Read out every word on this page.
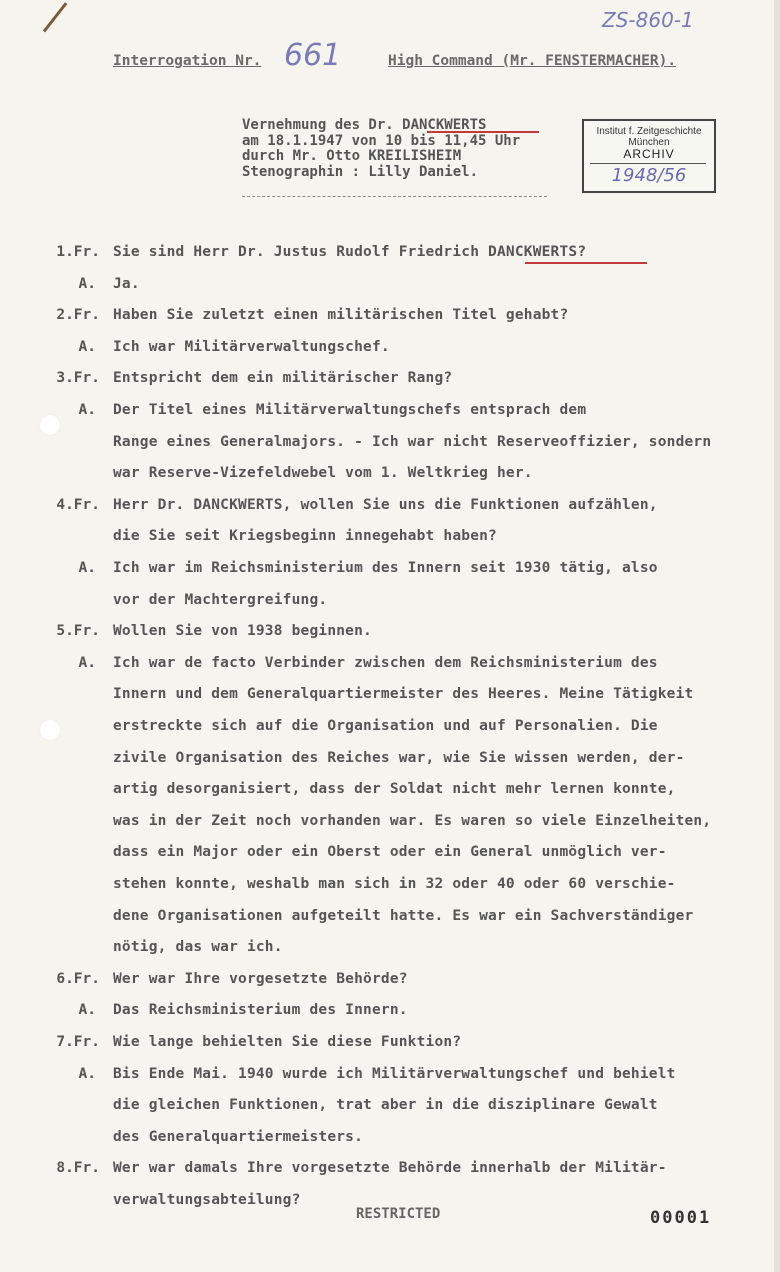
ZS-860-1
Interrogation Nr. 661	High Command (Mr. FENSTERMACHER).
Vernehmung des Dr. DANCKWERTS
am 18.1.1947 von 10 bis 11,45 Uhr
durch Mr. Otto KREILISHEIM
Stenographin : Lilly Daniel.
Institut f. Zeitgeschichte
München
ARCHIV
1948/56
1.Fr. Sie sind Herr Dr. Justus Rudolf Friedrich DANCKWERTS?
A. Ja.
2.Fr. Haben Sie zuletzt einen militärischen Titel gehabt?
A. Ich war Militärverwaltungschef.
3.Fr. Entspricht dem ein militärischer Rang?
A. Der Titel eines Militärverwaltungschefs entsprach dem
Range eines Generalmajors. - Ich war nicht Reserveoffizier, sondern
war Reserve-Vizefeldwebel vom 1. Weltkrieg her.
4.Fr. Herr Dr. DANCKWERTS, wollen Sie uns die Funktionen aufzählen,
die Sie seit Kriegsbeginn innegehabt haben?
A. Ich war im Reichsministerium des Innern seit 1930 tätig, also
vor der Machtergreifung.
5.Fr. Wollen Sie von 1938 beginnen.
A. Ich war de facto Verbinder zwischen dem Reichsministerium des
Innern und dem Generalquartiermeister des Heeres. Meine Tätigkeit
erstreckte sich auf die Organisation und auf Personalien. Die
zivile Organisation des Reiches war, wie Sie wissen werden, der-
artig desorganisiert, dass der Soldat nicht mehr lernen konnte,
was in der Zeit noch vorhanden war. Es waren so viele Einzelheiten,
dass ein Major oder ein Oberst oder ein General unmöglich ver-
stehen konnte, weshalb man sich in 32 oder 40 oder 60 verschie-
dene Organisationen aufgeteilt hatte. Es war ein Sachverständiger
nötig, das war ich.
6.Fr. Wer war Ihre vorgesetzte Behörde?
A. Das Reichsministerium des Innern.
7.Fr. Wie lange behielten Sie diese Funktion?
A. Bis Ende Mai. 1940 wurde ich Militärverwaltungschef und behielt
die gleichen Funktionen, trat aber in die disziplinare Gewalt
des Generalquartiermeisters.
8.Fr. Wer war damals Ihre vorgesetzte Behörde innerhalb der Militär-
verwaltungsabteilung?
RESTRICTED	00001
